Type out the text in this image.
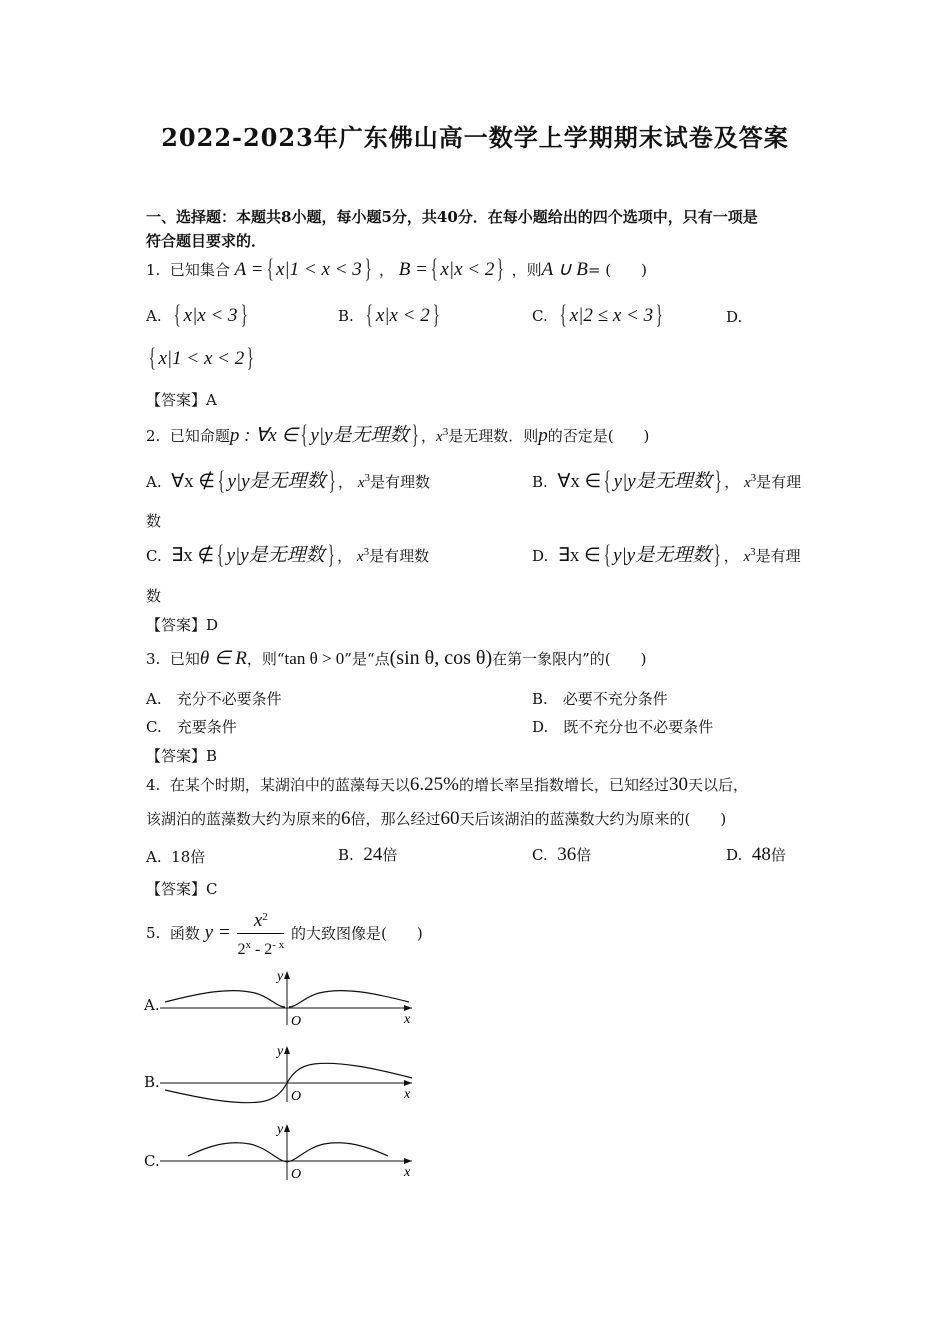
2022-2023年广东佛山高一数学上学期期末试卷及答案
一、选择题：本题共8小题，每小题5分，共40分．在每小题给出的四个选项中，只有一项是
符合题目要求的．
1. 已知集合 A ={ x|1 < x < 3} ， B ={ x|x < 2} ，则A ∪ B= (　　)
A. { x|x < 3}	B. { x|x < 2}	C. { x|2 ≤ x < 3}	D.
{ x|1 < x < 2}
【答案】A
2. 已知命题p : ∀x ∈{ y|y是无理数} ，$x^3$是无理数．则p的否定是(　　)
A. ∀x ∉{ y|y是无理数} ， $x^3$是有理数	B. ∀x ∈{ y|y是无理数} ， $x^3$是有理
数
C. ∃x ∉{ y|y是无理数} ， $x^3$是有理数	D. ∃x ∈{ y|y是无理数} ， $x^3$是有理
数
【答案】D
3. 已知θ ∈ R，则“tan θ > 0”是“点(sin θ, cos θ)在第一象限内”的(　　)
A.　充分不必要条件	B.　必要不充分条件
C.　充要条件	D.　既不充分也不必要条件
【答案】B
4. 在某个时期，某湖泊中的蓝藻每天以6.25%的增长率呈指数增长，已知经过30天以后，
该湖泊的蓝藻数大约为原来的6倍，那么经过60天后该湖泊的蓝藻数大约为原来的(　　)
A. 18倍	B. 24倍	C. 36倍	D. 48倍
【答案】C
5. 函数 $y = \frac{x^2}{2^x - 2^{- x}}$ 的大致图像是(　　)
A.
y
x
O
B.
y
x
O
C.
y
x
O
